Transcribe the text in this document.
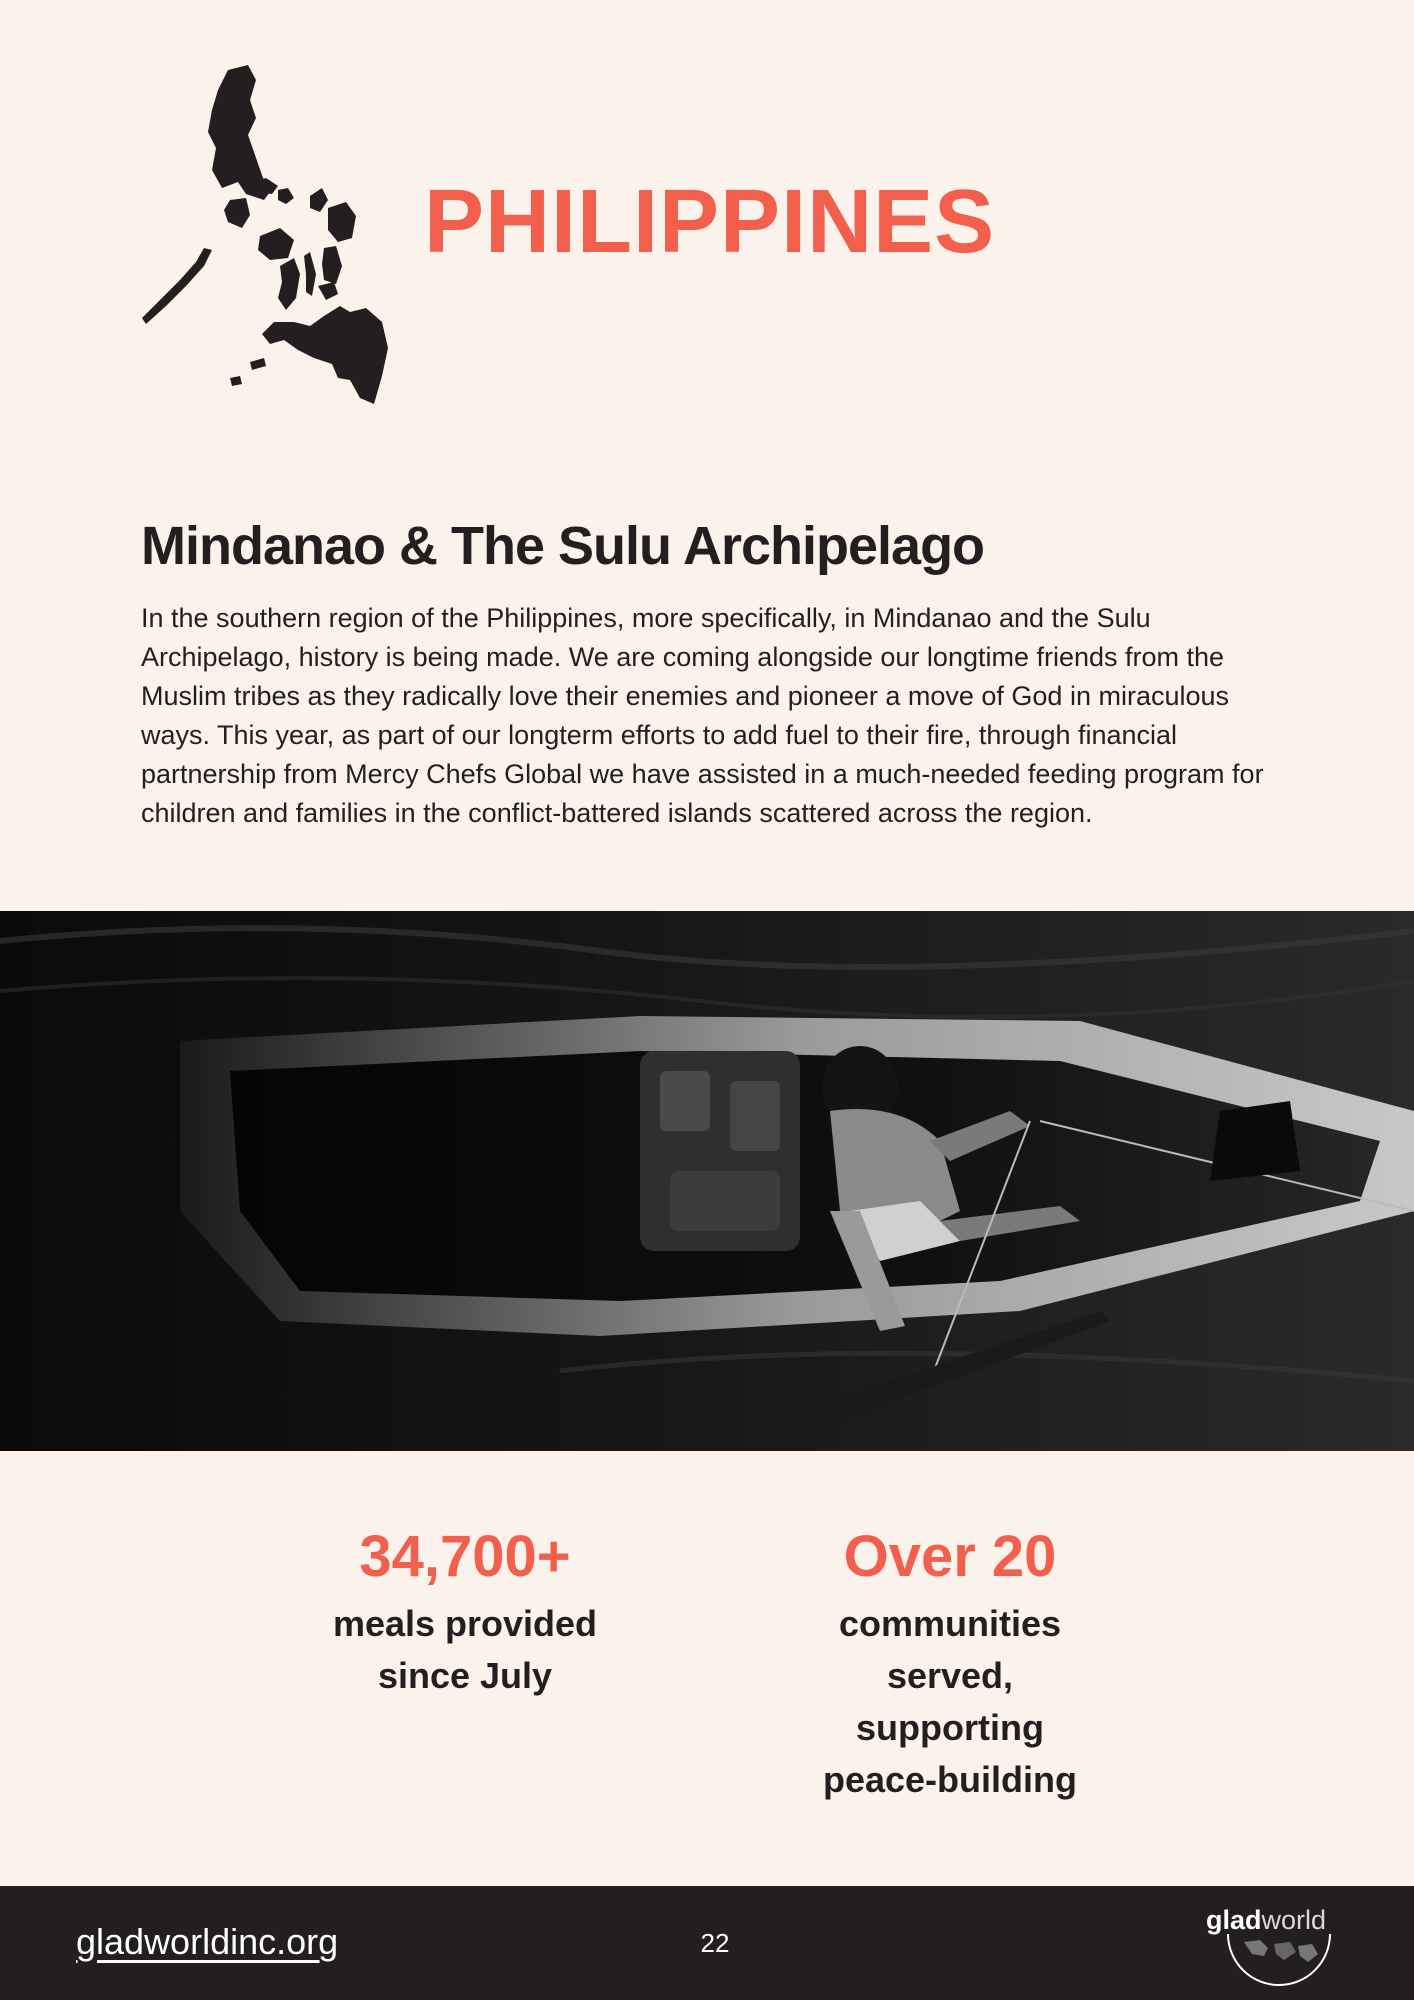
PHILIPPINES
Mindanao & The Sulu Archipelago

In the southern region of the Philippines, more specifically, in Mindanao and the Sulu Archipelago, history is being made. We are coming alongside our longtime friends from the Muslim tribes as they radically love their enemies and pioneer a move of God in miraculous ways. This year, as part of our longterm efforts to add fuel to their fire, through financial partnership from Mercy Chefs Global we have assisted in a much-needed feeding program for children and families in the conflict-battered islands scattered across the region.

34,700+
meals provided
since July
Over 20
communities
served,
supporting
peace-building
gladworldinc.org	22
gladworld
